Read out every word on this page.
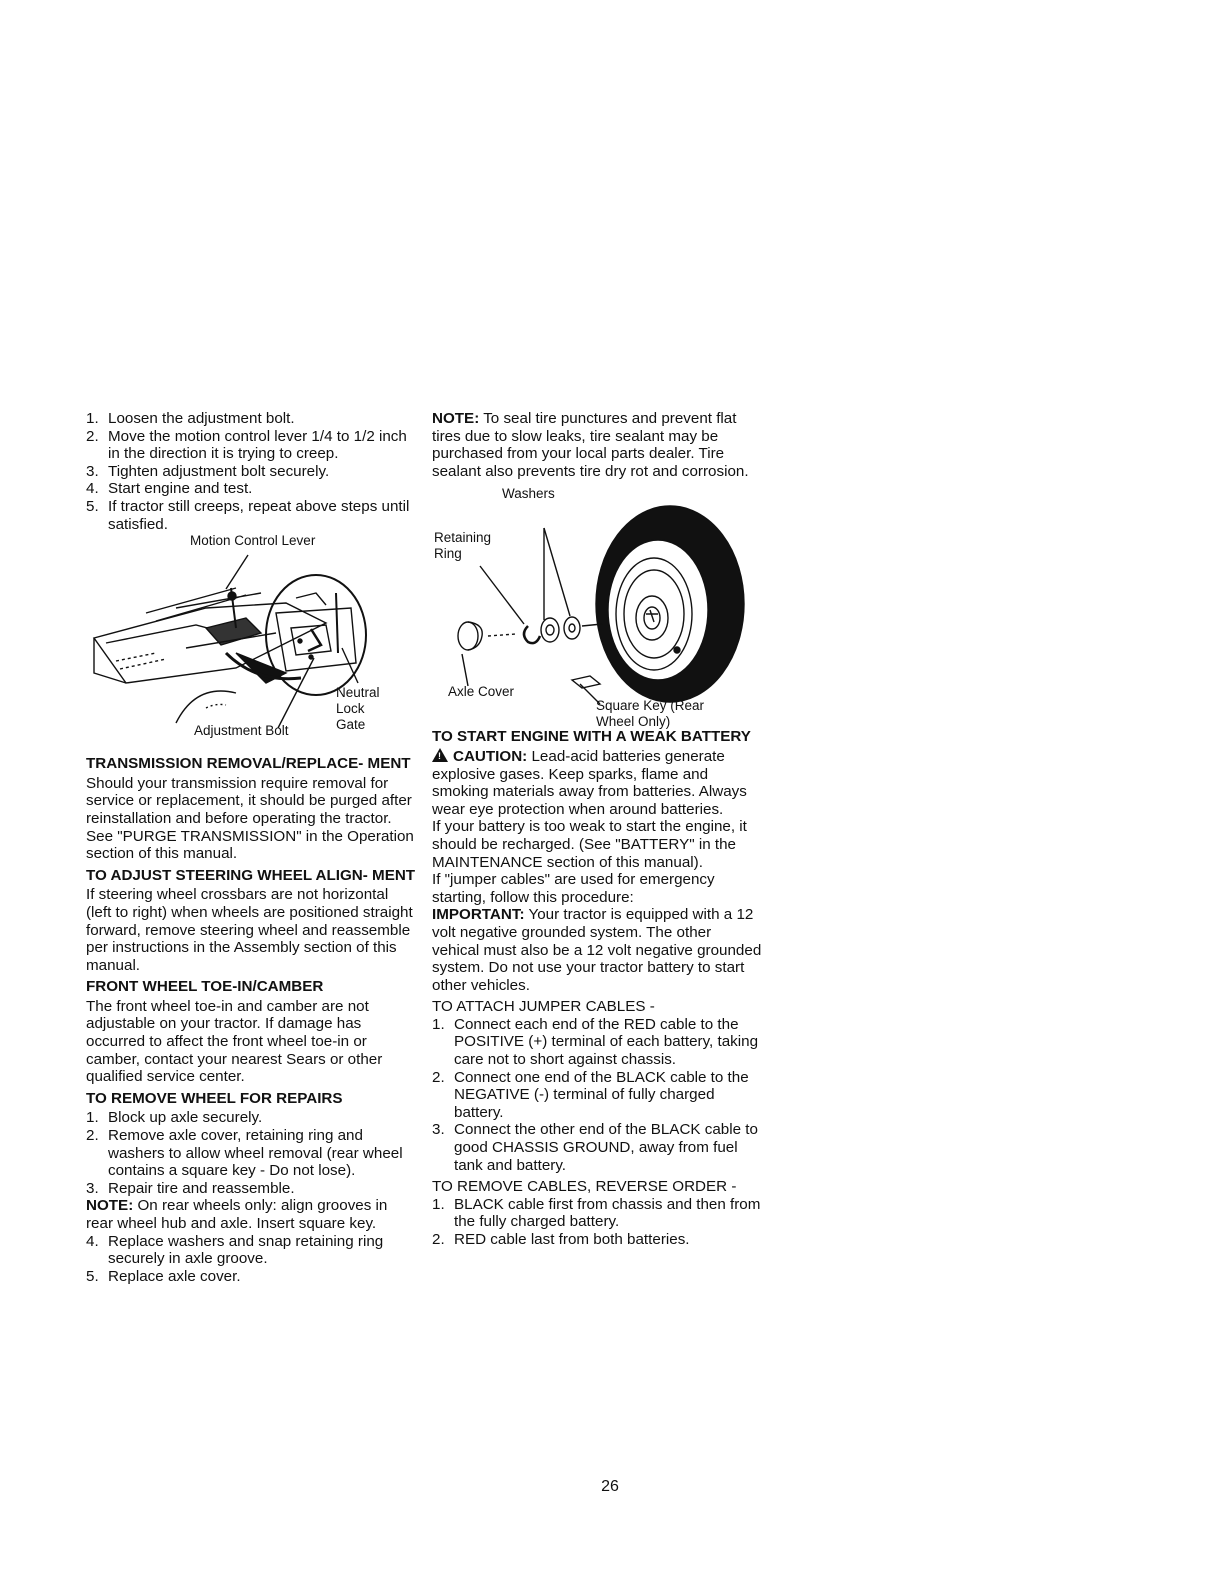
1. Loosen the adjustment bolt.
2. Move the motion control lever 1/4 to 1/2 inch in the direction it is trying to creep.
3. Tighten adjustment bolt securely.
4. Start engine and test.
5. If tractor still creeps, repeat above steps until satisfied.
Motion Control Lever
Neutral Lock Gate
Adjustment Bolt
TRANSMISSION REMOVAL/REPLACE- MENT

Should your transmission require removal for service or replacement, it should be purged after reinstallation and before operating the tractor. See "PURGE TRANSMISSION" in the Operation section of this manual.

TO ADJUST STEERING WHEEL ALIGN- MENT

If steering wheel crossbars are not horizontal (left to right) when wheels are positioned straight forward, remove steering wheel and reassemble per instructions in the Assembly section of this manual.

FRONT WHEEL TOE-IN/CAMBER

The front wheel toe-in and camber are not adjustable on your tractor. If damage has occurred to affect the front wheel toe-in or camber, contact your nearest Sears or other qualified service center.

TO REMOVE WHEEL FOR REPAIRS
1. Block up axle securely.
2. Remove axle cover, retaining ring and washers to allow wheel removal (rear wheel contains a square key - Do not lose).
3. Repair tire and reassemble.

NOTE: On rear wheels only: align grooves in rear wheel hub and axle. Insert square key.

4. Replace washers and snap retaining ring securely in axle groove.
5. Replace axle cover.

NOTE: To seal tire punctures and prevent flat tires due to slow leaks, tire sealant may be purchased from your local parts dealer. Tire sealant also prevents tire dry rot and corrosion.

Washers
Retaining Ring
Axle Cover
Square Key (Rear Wheel Only)
TO START ENGINE WITH A WEAK BATTERY

! CAUTION: Lead-acid batteries generate explosive gases. Keep sparks, flame and smoking materials away from batteries. Always wear eye protection when around batteries.

If your battery is too weak to start the engine, it should be recharged. (See "BATTERY" in the MAINTENANCE section of this manual).

If "jumper cables" are used for emergency starting, follow this procedure:

IMPORTANT: Your tractor is equipped with a 12 volt negative grounded system. The other vehical must also be a 12 volt negative grounded system. Do not use your tractor battery to start other vehicles.

TO ATTACH JUMPER CABLES -

1. Connect each end of the RED cable to the POSITIVE (+) terminal of each battery, taking care not to short against chassis.
2. Connect one end of the BLACK cable to the NEGATIVE (-) terminal of fully charged battery.
3. Connect the other end of the BLACK cable to good CHASSIS GROUND, away from fuel tank and battery.

TO REMOVE CABLES, REVERSE ORDER -

1. BLACK cable first from chassis and then from the fully charged battery.
2. RED cable last from both batteries.
26
